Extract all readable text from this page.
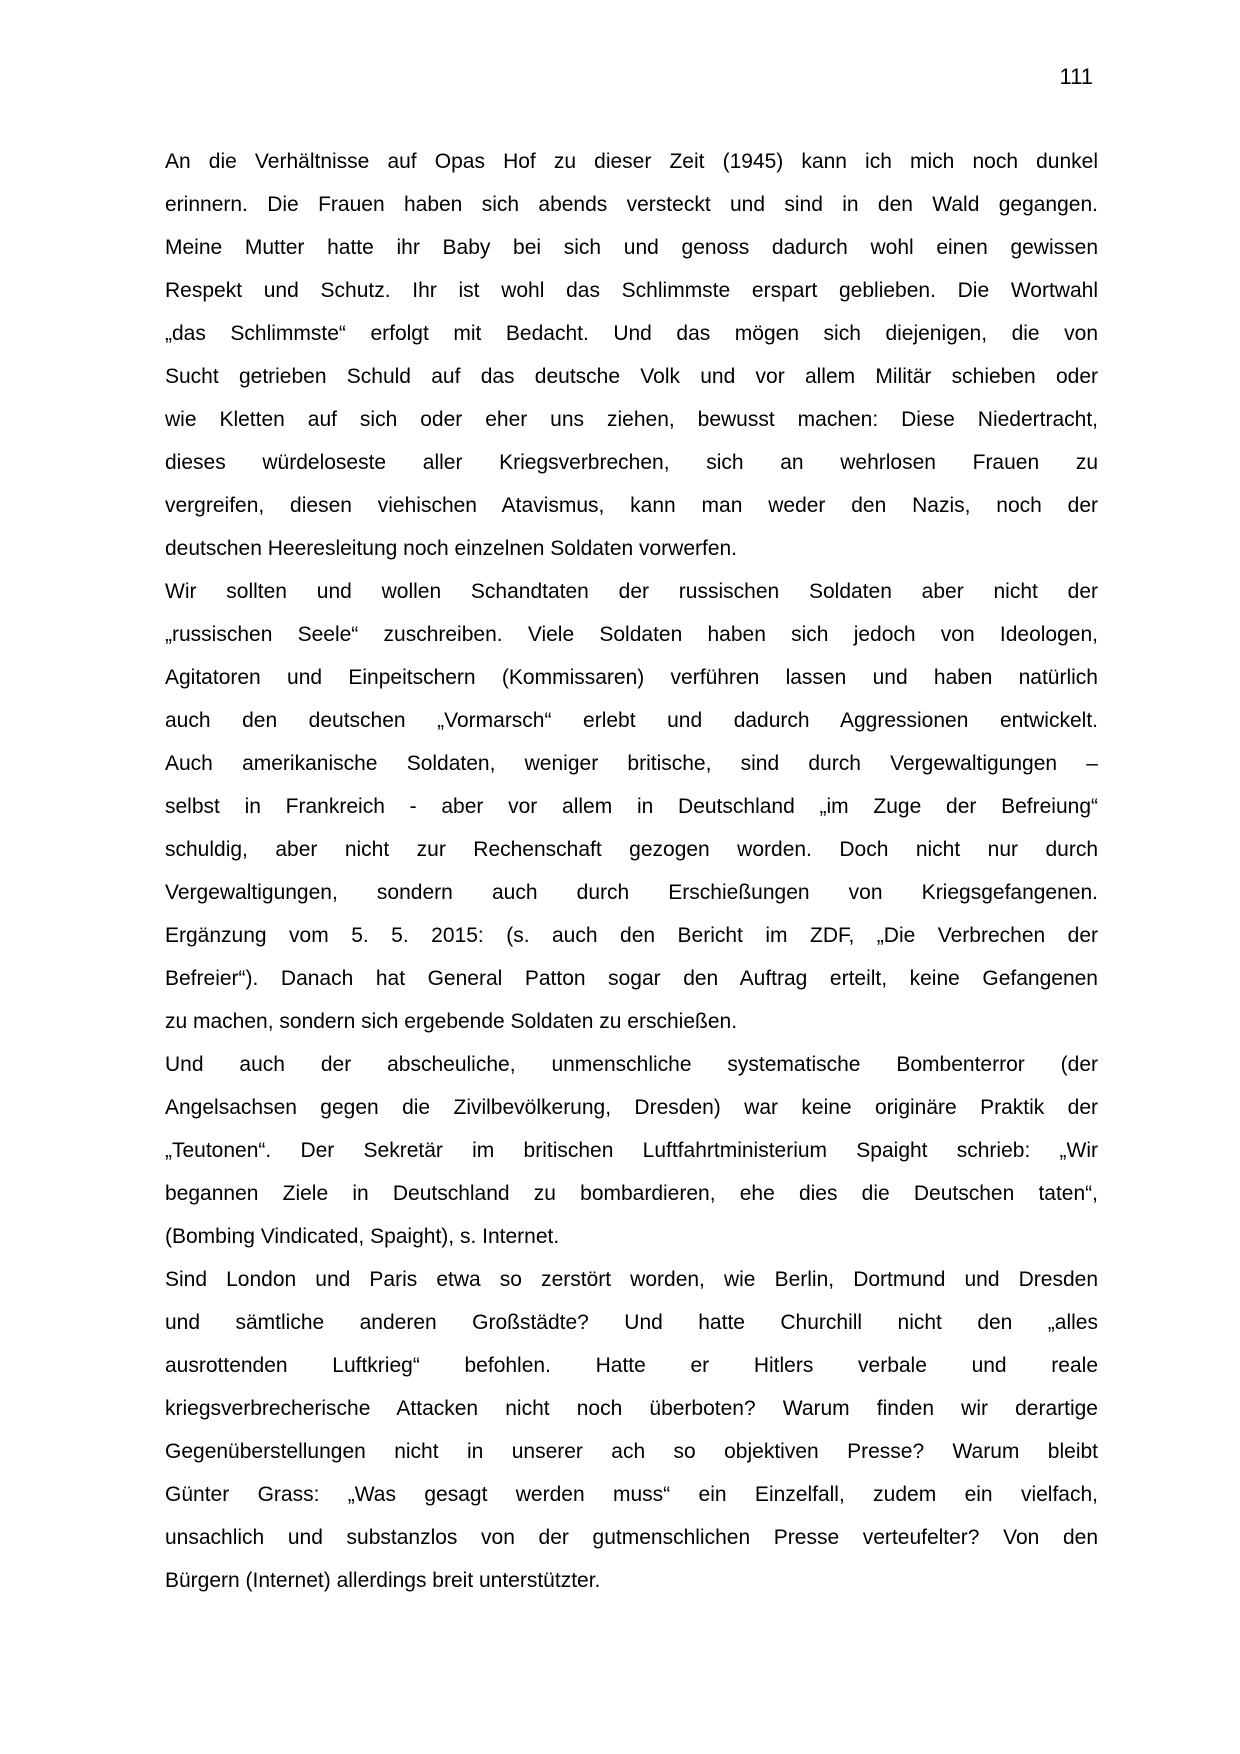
111
An die Verhältnisse auf Opas Hof zu dieser Zeit (1945) kann ich mich noch dunkel
erinnern. Die Frauen haben sich abends versteckt und sind in den Wald gegangen.
Meine Mutter hatte ihr Baby bei sich und genoss dadurch wohl einen gewissen
Respekt und Schutz. Ihr ist wohl das Schlimmste erspart geblieben. Die Wortwahl
„das Schlimmste“ erfolgt mit Bedacht. Und das mögen sich diejenigen, die von
Sucht getrieben Schuld auf das deutsche Volk und vor allem Militär schieben oder
wie Kletten auf sich oder eher uns ziehen, bewusst machen: Diese Niedertracht,
dieses würdeloseste aller Kriegsverbrechen, sich an wehrlosen Frauen zu
vergreifen, diesen viehischen Atavismus, kann man weder den Nazis, noch der
deutschen Heeresleitung noch einzelnen Soldaten vorwerfen.
Wir sollten und wollen Schandtaten der russischen Soldaten aber nicht der
„russischen Seele“ zuschreiben. Viele Soldaten haben sich jedoch von Ideologen,
Agitatoren und Einpeitschern (Kommissaren) verführen lassen und haben natürlich
auch den deutschen „Vormarsch“ erlebt und dadurch Aggressionen entwickelt.
Auch amerikanische Soldaten, weniger britische, sind durch Vergewaltigungen –
selbst in Frankreich - aber vor allem in Deutschland „im Zuge der Befreiung“
schuldig, aber nicht zur Rechenschaft gezogen worden. Doch nicht nur durch
Vergewaltigungen, sondern auch durch Erschießungen von Kriegsgefangenen.
Ergänzung vom 5. 5. 2015: (s. auch den Bericht im ZDF, „Die Verbrechen der
Befreier“). Danach hat General Patton sogar den Auftrag erteilt, keine Gefangenen
zu machen, sondern sich ergebende Soldaten zu erschießen.
Und auch der abscheuliche, unmenschliche systematische Bombenterror (der
Angelsachsen gegen die Zivilbevölkerung, Dresden) war keine originäre Praktik der
„Teutonen“. Der Sekretär im britischen Luftfahrtministerium Spaight schrieb: „Wir
begannen Ziele in Deutschland zu bombardieren, ehe dies die Deutschen taten“,
(Bombing Vindicated, Spaight), s. Internet.
Sind London und Paris etwa so zerstört worden, wie Berlin, Dortmund und Dresden
und sämtliche anderen Großstädte? Und hatte Churchill nicht den „alles
ausrottenden Luftkrieg“ befohlen. Hatte er Hitlers verbale und reale
kriegsverbrecherische Attacken nicht noch überboten? Warum finden wir derartige
Gegenüberstellungen nicht in unserer ach so objektiven Presse? Warum bleibt
Günter Grass: „Was gesagt werden muss“ ein Einzelfall, zudem ein vielfach,
unsachlich und substanzlos von der gutmenschlichen Presse verteufelter? Von den
Bürgern (Internet) allerdings breit unterstützter.
